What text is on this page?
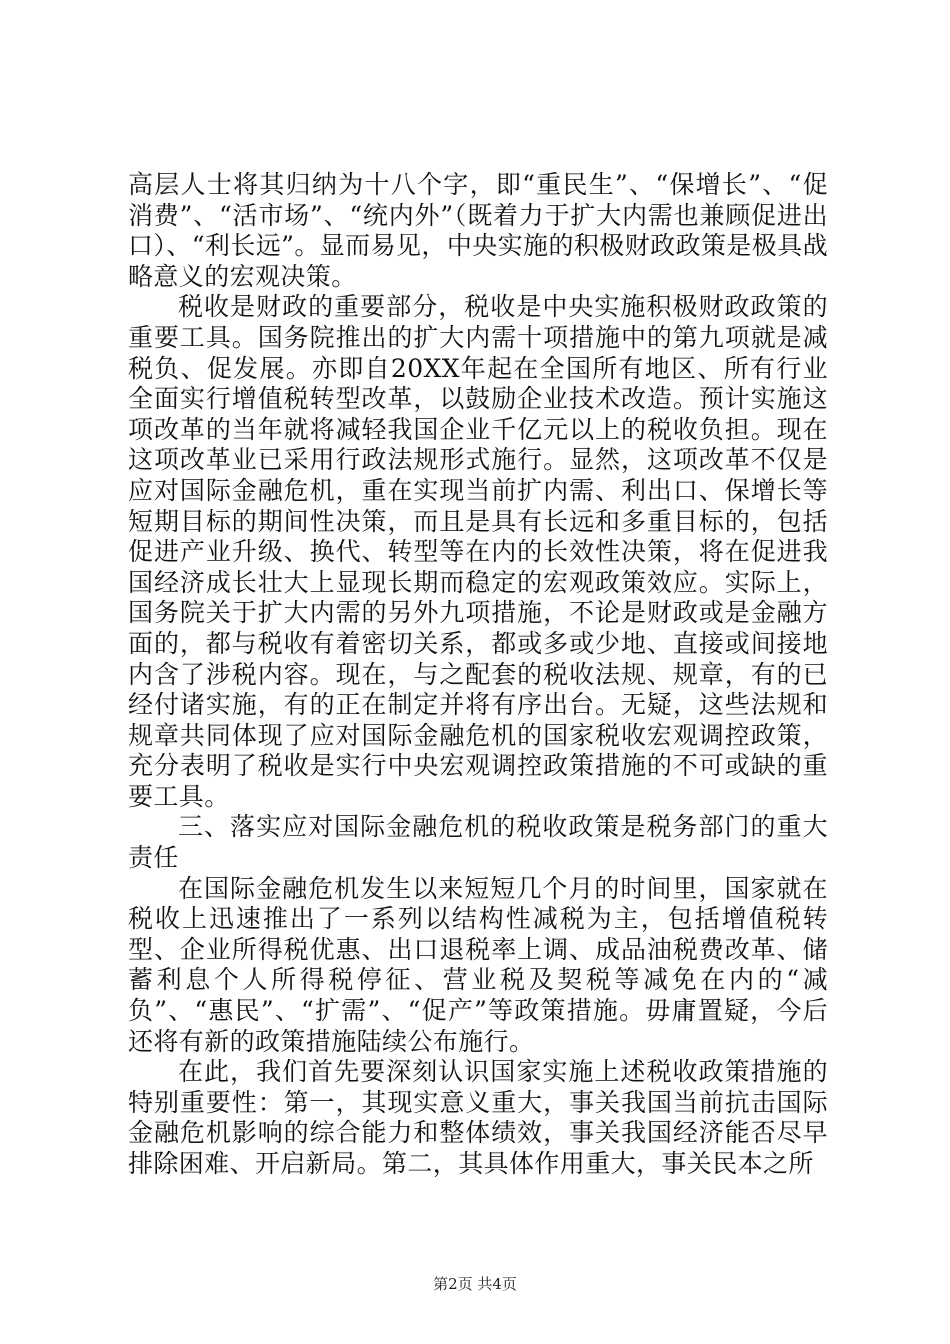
高层人士将其归纳为十八个字，即“重民生”、“保增长”、“促消费”、“活市场”、“统内外”（既着力于扩大内需也兼顾促进出口）、“利长远”。显而易见，中央实施的积极财政政策是极具战略意义的宏观决策。

税收是财政的重要部分，税收是中央实施积极财政政策的重要工具。国务院推出的扩大内需十项措施中的第九项就是减税负、促发展。亦即自20XX年起在全国所有地区、所有行业全面实行增值税转型改革，以鼓励企业技术改造。预计实施这项改革的当年就将减轻我国企业千亿元以上的税收负担。现在这项改革业已采用行政法规形式施行。显然，这项改革不仅是应对国际金融危机，重在实现当前扩内需、利出口、保增长等短期目标的期间性决策，而且是具有长远和多重目标的，包括促进产业升级、换代、转型等在内的长效性决策，将在促进我国经济成长壮大上显现长期而稳定的宏观政策效应。实际上，国务院关于扩大内需的另外九项措施，不论是财政或是金融方面的，都与税收有着密切关系，都或多或少地、直接或间接地内含了涉税内容。现在，与之配套的税收法规、规章，有的已经付诸实施，有的正在制定并将有序出台。无疑，这些法规和规章共同体现了应对国际金融危机的国家税收宏观调控政策，充分表明了税收是实行中央宏观调控政策措施的不可或缺的重要工具。

三、落实应对国际金融危机的税收政策是税务部门的重大责任

在国际金融危机发生以来短短几个月的时间里，国家就在税收上迅速推出了一系列以结构性减税为主，包括增值税转型、企业所得税优惠、出口退税率上调、成品油税费改革、储蓄利息个人所得税停征、营业税及契税等减免在内的“减负”、“惠民”、“扩需”、“促产”等政策措施。毋庸置疑，今后还将有新的政策措施陆续公布施行。

在此，我们首先要深刻认识国家实施上述税收政策措施的特别重要性：第一，其现实意义重大，事关我国当前抗击国际金融危机影响的综合能力和整体绩效，事关我国经济能否尽早排除困难、开启新局。第二，其具体作用重大，事关民本之所

第2页 共4页
